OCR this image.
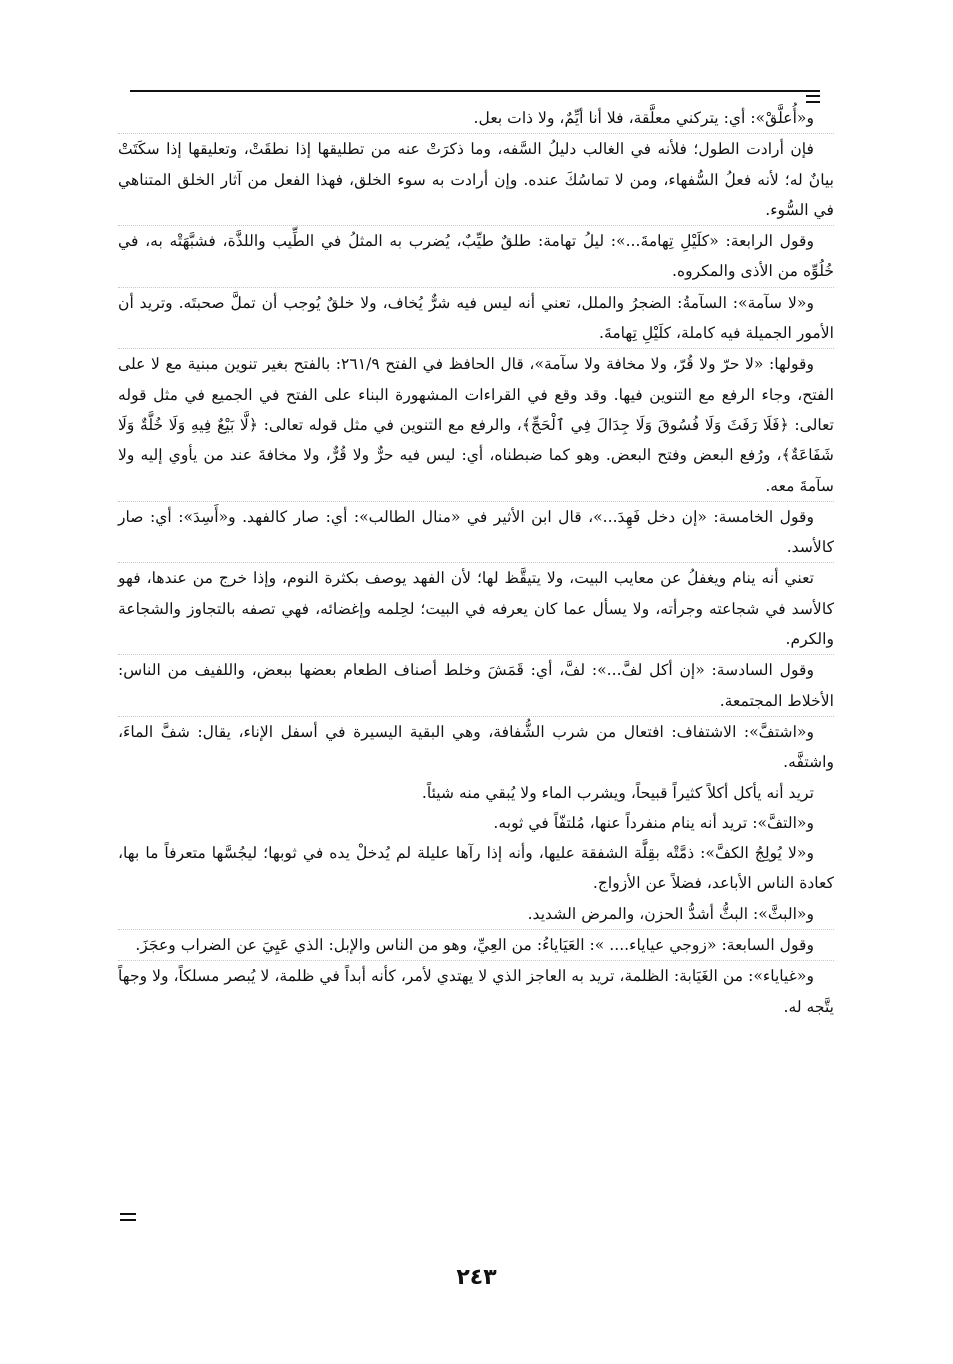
و«أُعلَّقْ»: أي: يتركني معلَّقة، فلا أنا أيِّمٌ، ولا ذات بعل.

فإن أرادت الطول؛ فلأنه في الغالب دليلُ السَّفه، وما ذكرَتْ عنه من تطليقها إذا نطقَتْ، وتعليقها إذا سكَتَتْ بيانٌ له؛ لأنه فعلُ السُّفهاء، ومن لا تماسُكَ عنده. وإن أرادت به سوء الخلق، فهذا الفعل من آثار الخلق المتناهي في السُّوء.

وقول الرابعة: «كلَيْلِ تِهامةَ...»: ليلُ تهامة: طلقٌ طيِّبٌ، يُضرب به المثلُ في الطِّيب واللذَّة، فشبَّهَتْه به، في خُلُوِّه من الأذى والمكروه.

و«لا سآمة»: السآمةُ: الضجرُ والملل، تعني أنه ليس فيه شرٌّ يُخاف، ولا خلقٌ يُوجب أن تملَّ صحبتَه. وتريد أن الأمور الجميلة فيه كاملة، كلَيْلِ تِهامةَ.

وقولها: «لا حرّ ولا قُرّ، ولا مخافة ولا سآمة»، قال الحافظ في الفتح ٢٦١/٩: بالفتح بغير تنوين مبنية مع لا على الفتح، وجاء الرفع مع التنوين فيها. وقد وقع في القراءات المشهورة البناء على الفتح في الجميع في مثل قوله تعالى: ﴿فَلَا رَفَثَ وَلَا فُسُوقَ وَلَا جِدَالَ فِي ٱلْحَجِّ﴾، والرفع مع التنوين في مثل قوله تعالى: ﴿لَّا بَيْعٌ فِيهِ وَلَا خُلَّةٌ وَلَا شَفَاعَةٌ﴾، ورُفع البعض وفتح البعض. وهو كما ضبطناه، أي: ليس فيه حرٌّ ولا قُرٌّ، ولا مخافةَ عند من يأوي إليه ولا سآمةَ معه.

وقول الخامسة: «إن دخل فَهِدَ...»، قال ابن الأثير في «منال الطالب»: أي: صار كالفهد. و«أَسِدَ»: أي: صار كالأسد.

تعني أنه ينام ويغفلُ عن معايب البيت، ولا يتيقَّظ لها؛ لأن الفهد يوصف بكثرة النوم، وإذا خرج من عندها، فهو كالأسد في شجاعته وجرأته، ولا يسأل عما كان يعرفه في البيت؛ لحِلمه وإغضائه، فهي تصفه بالتجاوز والشجاعة والكرم.

وقول السادسة: «إن أكل لفَّ...»: لفَّ، أي: قَمَشَ وخلط أصناف الطعام بعضها ببعض، واللفيف من الناس: الأخلاط المجتمعة.

و«اشتفَّ»: الاشتفاف: افتعال من شرب الشُّفافة، وهي البقية اليسيرة في أسفل الإناء، يقال: شفَّ الماءَ، واشتفَّه.

تريد أنه يأكل أكلاً كثيراً قبيحاً، ويشرب الماء ولا يُبقي منه شيئاً.

و«التفَّ»: تريد أنه ينام منفرداً عنها، مُلتفّاً في ثوبه.

و«لا يُولِجُ الكفَّ»: ذمَّتْه بقِلَّة الشفقة عليها، وأنه إذا رآها عليلة لم يُدخلْ يده في ثوبها؛ ليجُسَّها متعرفاً ما بها، كعادة الناس الأباعد، فضلاً عن الأزواج.

و«البثَّ»: البثُّ أشدُّ الحزن، والمرض الشديد.

وقول السابعة: «زوجي عياياء.... »: العَيَاياءُ: من العِيِّ، وهو من الناس والإبل: الذي عَيِيَ عن الضراب وعجَزَ.

و«غياياء»: من الغَيَابة: الظلمة، تريد به العاجز الذي لا يهتدي لأمر، كأنه أبداً في ظلمة، لا يُبصر مسلكاً، ولا وجهاً يتَّجه له.

٢٤٣
